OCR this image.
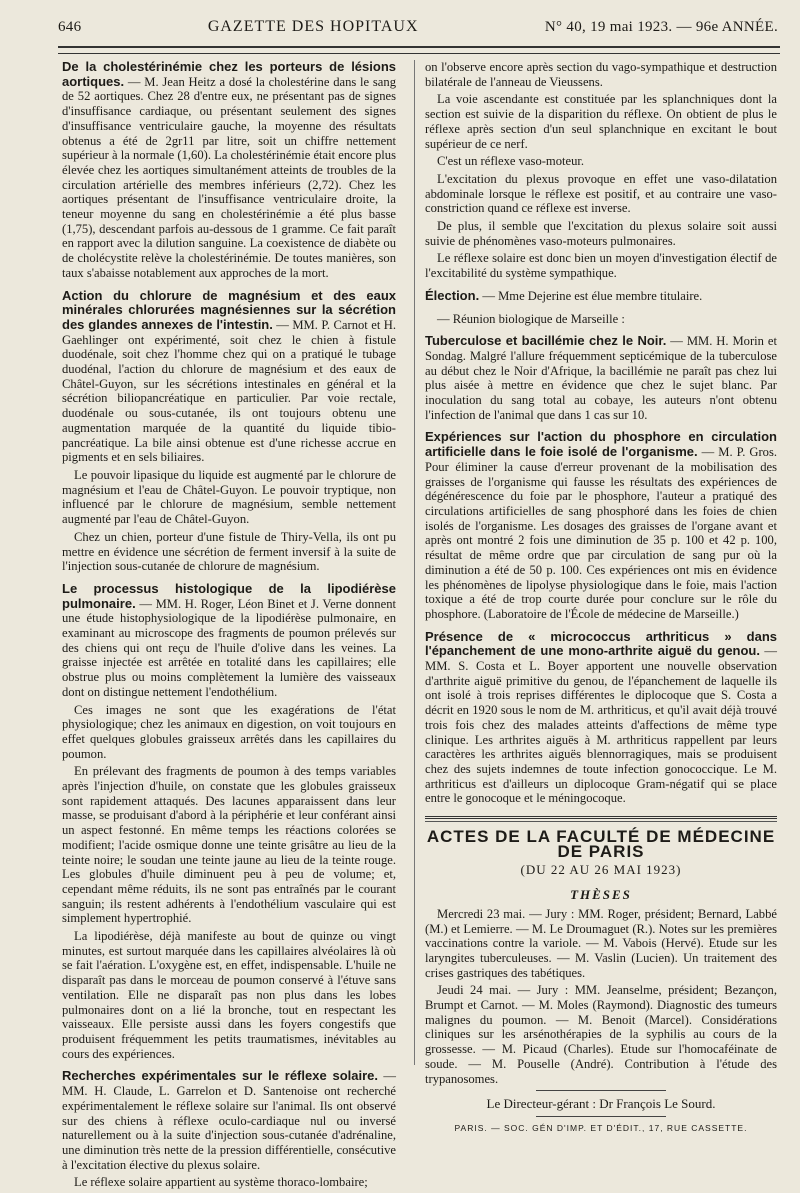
646	GAZETTE DES HOPITAUX	N° 40, 19 mai 1923. — 96e ANNÉE.

De la cholestérinémie chez les porteurs de lésions aortiques. — M. Jean Heitz a dosé la cholestérine dans le sang de 52 aortiques. Chez 28 d'entre eux, ne présentant pas de signes d'insuffisance cardiaque, ou présentant seulement des signes d'insuffisance ventriculaire gauche, la moyenne des résultats obtenus a été de 2gr11 par litre, soit un chiffre nettement supérieur à la normale (1,60). La cholestérinémie était encore plus élevée chez les aortiques simultanément atteints de troubles de la circulation artérielle des membres inférieurs (2,72). Chez les aortiques présentant de l'insuffisance ventriculaire droite, la teneur moyenne du sang en cholestérinémie a été plus basse (1,75), descendant parfois au-dessous de 1 gramme. Ce fait paraît en rapport avec la dilution sanguine. La coexistence de diabète ou de cholécystite relève la cholestérinémie. De toutes manières, son taux s'abaisse notablement aux approches de la mort.

Action du chlorure de magnésium et des eaux minérales chlorurées magnésiennes sur la sécrétion des glandes annexes de l'intestin. — MM. P. Carnot et H. Gaehlinger ont expérimenté, soit chez le chien à fistule duodénale, soit chez l'homme chez qui on a pratiqué le tubage duodénal, l'action du chlorure de magnésium et des eaux de Châtel-Guyon, sur les sécrétions intestinales en général et la sécrétion biliopancréatique en particulier. Par voie rectale, duodénale ou sous-cutanée, ils ont toujours obtenu une augmentation marquée de la quantité du liquide tibio-pancréatique. La bile ainsi obtenue est d'une richesse accrue en pigments et en sels biliaires.

Le pouvoir lipasique du liquide est augmenté par le chlorure de magnésium et l'eau de Châtel-Guyon. Le pouvoir tryptique, non influencé par le chlorure de magnésium, semble nettement augmenté par l'eau de Châtel-Guyon.

Chez un chien, porteur d'une fistule de Thiry-Vella, ils ont pu mettre en évidence une sécrétion de ferment inversif à la suite de l'injection sous-cutanée de chlorure de magnésium.

Le processus histologique de la lipodiérèse pulmonaire. — MM. H. Roger, Léon Binet et J. Verne donnent une étude histophysiologique de la lipodiérèse pulmonaire, en examinant au microscope des fragments de poumon prélevés sur des chiens qui ont reçu de l'huile d'olive dans les veines. La graisse injectée est arrêtée en totalité dans les capillaires; elle obstrue plus ou moins complètement la lumière des vaisseaux dont on distingue nettement l'endothélium.

Ces images ne sont que les exagérations de l'état physiologique; chez les animaux en digestion, on voit toujours en effet quelques globules graisseux arrêtés dans les capillaires du poumon.

En prélevant des fragments de poumon à des temps variables après l'injection d'huile, on constate que les globules graisseux sont rapidement attaqués. Des lacunes apparaissent dans leur masse, se produisant d'abord à la périphérie et leur conférant ainsi un aspect festonné. En même temps les réactions colorées se modifient; l'acide osmique donne une teinte grisâtre au lieu de la teinte noire; le soudan une teinte jaune au lieu de la teinte rouge. Les globules d'huile diminuent peu à peu de volume; et, cependant même réduits, ils ne sont pas entraînés par le courant sanguin; ils restent adhérents à l'endothélium vasculaire qui est simplement hypertrophié.

La lipodiérèse, déjà manifeste au bout de quinze ou vingt minutes, est surtout marquée dans les capillaires alvéolaires là où se fait l'aération. L'oxygène est, en effet, indispensable. L'huile ne disparaît pas dans le morceau de poumon conservé à l'étuve sans ventilation. Elle ne disparaît pas non plus dans les lobes pulmonaires dont on a lié la bronche, tout en respectant les vaisseaux. Elle persiste aussi dans les foyers congestifs que produisent fréquemment les petits traumatismes, inévitables au cours des expériences.

Recherches expérimentales sur le réflexe solaire. — MM. H. Claude, L. Garrelon et D. Santenoise ont recherché expérimentalement le réflexe solaire sur l'animal. Ils ont observé sur des chiens à réflexe oculo-cardiaque nul ou inversé naturellement ou à la suite d'injection sous-cutanée d'adrénaline, une diminution très nette de la pression différentielle, consécutive à l'excitation élective du plexus solaire.

Le réflexe solaire appartient au système thoraco-lombaire;

on l'observe encore après section du vago-sympathique et destruction bilatérale de l'anneau de Vieussens.

La voie ascendante est constituée par les splanchniques dont la section est suivie de la disparition du réflexe. On obtient de plus le réflexe après section d'un seul splanchnique en excitant le bout supérieur de ce nerf.

C'est un réflexe vaso-moteur.

L'excitation du plexus provoque en effet une vaso-dilatation abdominale lorsque le réflexe est positif, et au contraire une vaso-constriction quand ce réflexe est inverse.

De plus, il semble que l'excitation du plexus solaire soit aussi suivie de phénomènes vaso-moteurs pulmonaires.

Le réflexe solaire est donc bien un moyen d'investigation électif de l'excitabilité du système sympathique.

Élection. — Mme Dejerine est élue membre titulaire.

— Réunion biologique de Marseille :

Tuberculose et bacillémie chez le Noir. — MM. H. Morin et Sondag. Malgré l'allure fréquemment septicémique de la tuberculose au début chez le Noir d'Afrique, la bacillémie ne paraît pas chez lui plus aisée à mettre en évidence que chez le sujet blanc. Par inoculation du sang total au cobaye, les auteurs n'ont obtenu l'infection de l'animal que dans 1 cas sur 10.

Expériences sur l'action du phosphore en circulation artificielle dans le foie isolé de l'organisme. — M. P. Gros. Pour éliminer la cause d'erreur provenant de la mobilisation des graisses de l'organisme qui fausse les résultats des expériences de dégénérescence du foie par le phosphore, l'auteur a pratiqué des circulations artificielles de sang phosphoré dans les foies de chien isolés de l'organisme. Les dosages des graisses de l'organe avant et après ont montré 2 fois une diminution de 35 p. 100 et 42 p. 100, résultat de même ordre que par circulation de sang pur où la diminution a été de 50 p. 100. Ces expériences ont mis en évidence les phénomènes de lipolyse physiologique dans le foie, mais l'action toxique a été de trop courte durée pour conclure sur le rôle du phosphore. (Laboratoire de l'École de médecine de Marseille.)

Présence de « micrococcus arthriticus » dans l'épanchement de une mono-arthrite aiguë du genou. — MM. S. Costa et L. Boyer apportent une nouvelle observation d'arthrite aiguë primitive du genou, de l'épanchement de laquelle ils ont isolé à trois reprises différentes le diplocoque que S. Costa a décrit en 1920 sous le nom de M. arthriticus, et qu'il avait déjà trouvé trois fois chez des malades atteints d'affections de même type clinique. Les arthrites aiguës à M. arthriticus rappellent par leurs caractères les arthrites aiguës blennorragiques, mais se produisent chez des sujets indemnes de toute infection gonococcique. Le M. arthriticus est d'ailleurs un diplocoque Gram-négatif qui se place entre le gonocoque et le méningocoque.

ACTES DE LA FACULTÉ DE MÉDECINE DE PARIS
(DU 22 AU 26 MAI 1923)
THÈSES

Mercredi 23 mai. — Jury : MM. Roger, président; Bernard, Labbé (M.) et Lemierre. — M. Le Droumaguet (R.). Notes sur les premières vaccinations contre la variole. — M. Vabois (Hervé). Etude sur les laryngites tuberculeuses. — M. Vaslin (Lucien). Un traitement des crises gastriques des tabétiques.

Jeudi 24 mai. — Jury : MM. Jeanselme, président; Bezançon, Brumpt et Carnot. — M. Moles (Raymond). Diagnostic des tumeurs malignes du poumon. — M. Benoit (Marcel). Considérations cliniques sur les arsénothérapies de la syphilis au cours de la grossesse. — M. Picaud (Charles). Etude sur l'homocaféinate de soude. — M. Pouselle (André). Contribution à l'étude des trypanosomes.

Le Directeur-gérant : Dr François Le Sourd.
PARIS. — SOC. GÉN D'IMP. ET D'ÉDIT., 17, RUE CASSETTE.
